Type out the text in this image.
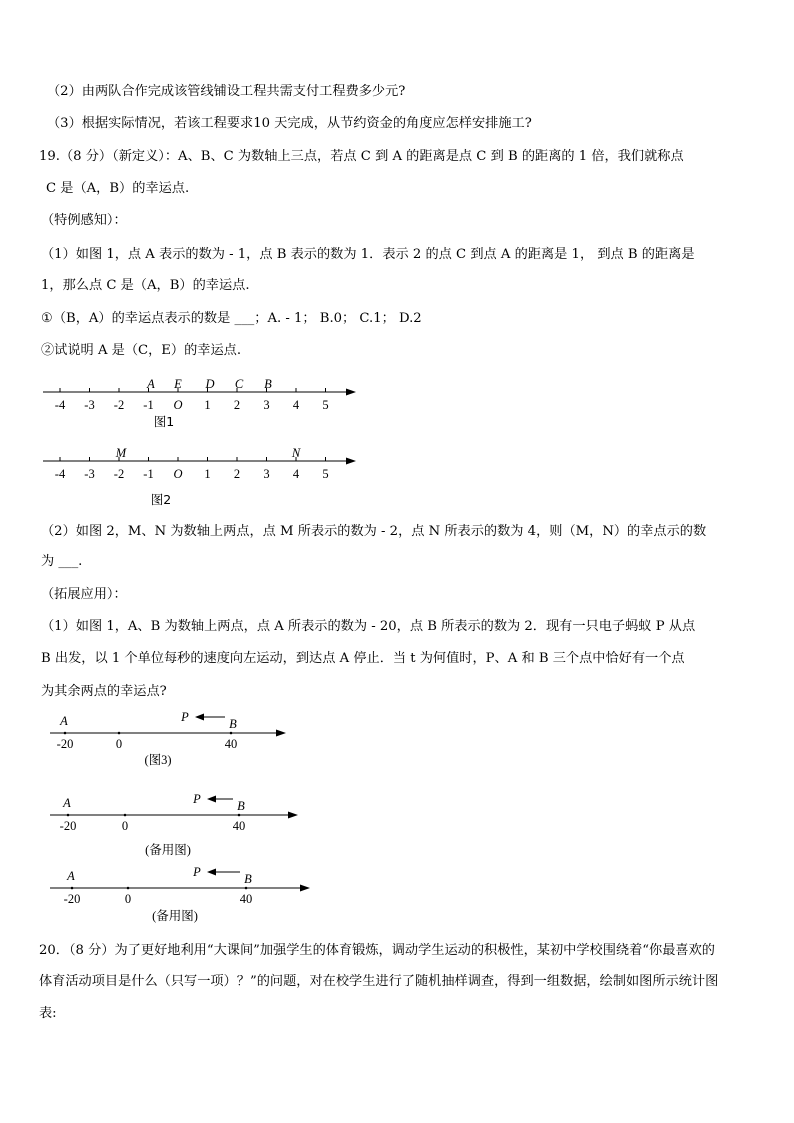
（2）由两队合作完成该管线铺设工程共需支付工程费多少元?
（3）根据实际情况，若该工程要求10 天完成，从节约资金的角度应怎样安排施工?
19.（8 分）（新定义）：A、B、C 为数轴上三点，若点 C 到 A 的距离是点 C 到 B 的距离的 1 倍，我们就称点
C 是（A，B）的幸运点.
（特例感知）：
（1）如图 1，点 A 表示的数为 - 1，点 B 表示的数为 1．表示 2 的点 C 到点 A 的距离是 1， 到点 B 的距离是
1，那么点 C 是（A，B）的幸运点.
①（B，A）的幸运点表示的数是 ___；A. - 1； B.0； C.1； D.2
②试说明 A 是（C，E）的幸运点.
-4 -3 -2 -1 O 1 2 3 4 5
A E D C B
图1
-4 -3 -2 -1 O 1 2 3 4 5
M	N
图2
（2）如图 2，M、N 为数轴上两点，点 M 所表示的数为 - 2，点 N 所表示的数为 4，则（M，N）的幸点示的数
为 ___.
（拓展应用）：
（1）如图 1，A、B 为数轴上两点，点 A 所表示的数为 - 20，点 B 所表示的数为 2．现有一只电子蚂蚁 P 从点
B 出发，以 1 个单位每秒的速度向左运动，到达点 A 停止．当 t 为何值时，P、A 和 B 三个点中恰好有一个点
为其余两点的幸运点?
-20	0	40
A	B
P
(图3)
-20	0	40
A	B
P
(备用图)
-20	0	40
A	B
P
(备用图)
20．（8 分）为了更好地利用“大课间”加强学生的体育锻炼，调动学生运动的积极性，某初中学校围绕着“你最喜欢的
体育活动项目是什么（只写一项）？”的问题，对在校学生进行了随机抽样调查，得到一组数据，绘制如图所示统计图
表:
